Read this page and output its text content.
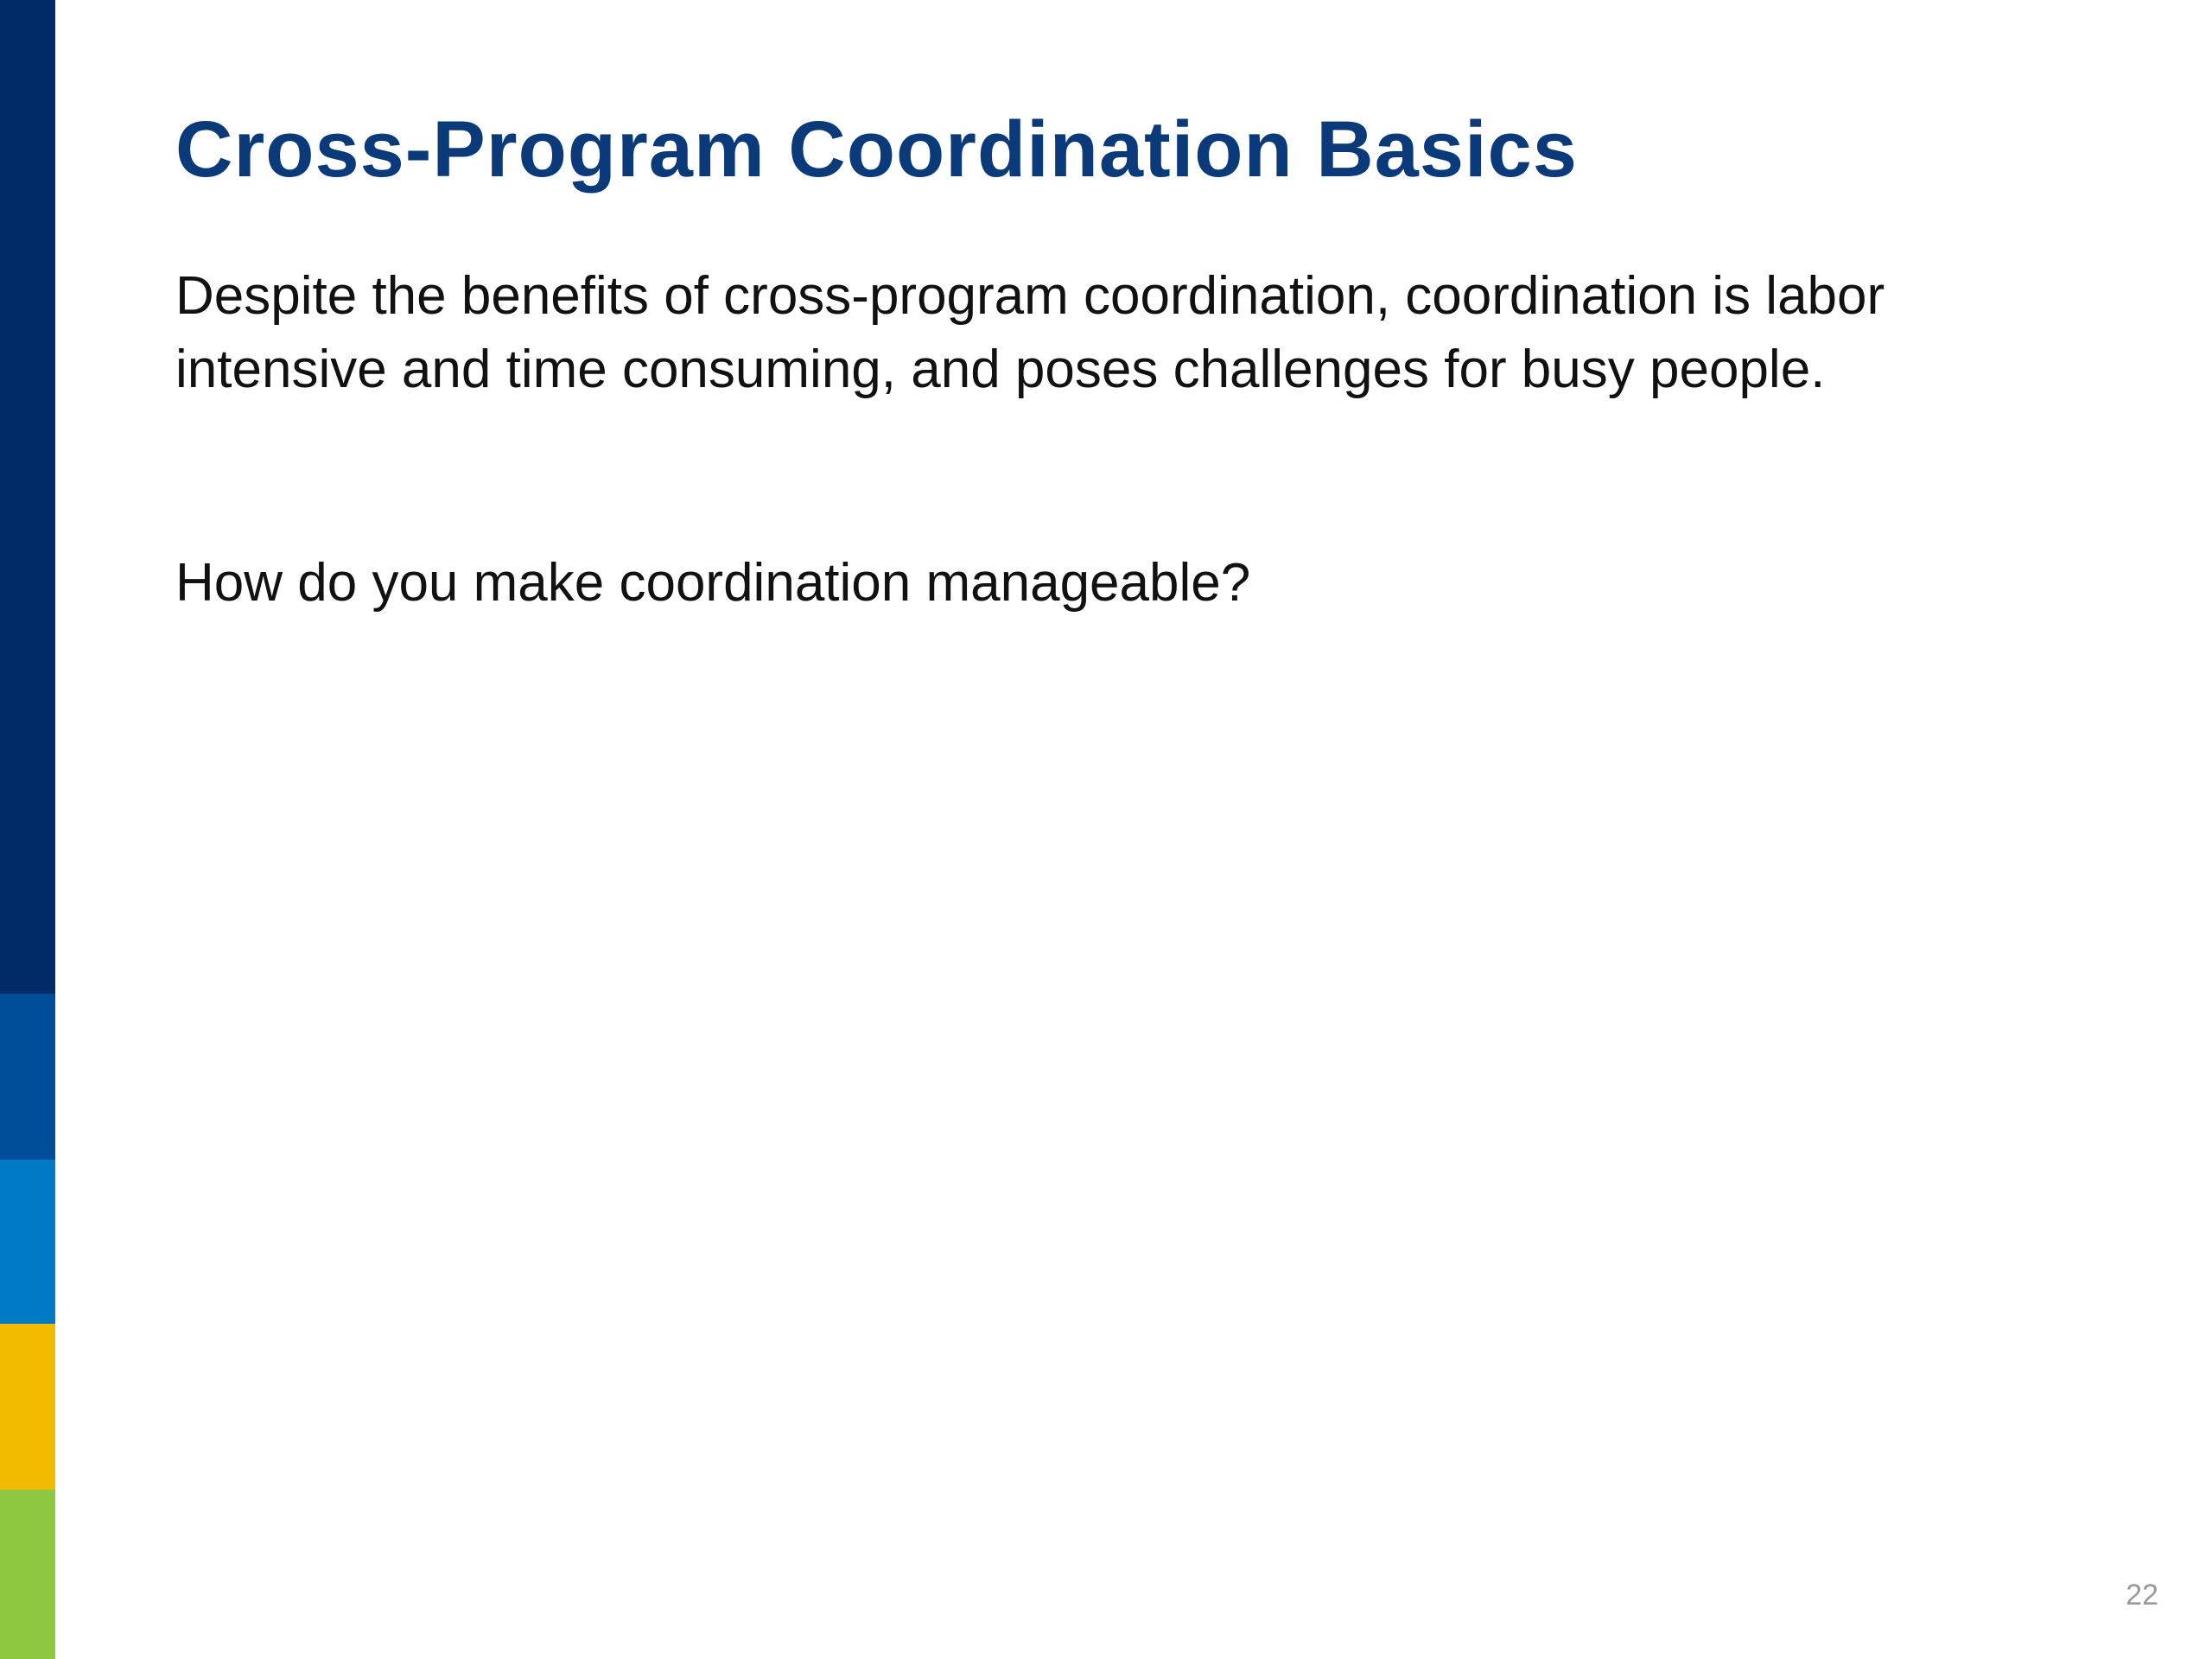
Cross-Program Coordination Basics

Despite the benefits of cross-program coordination, coordination is labor intensive and time consuming, and poses challenges for busy people.

How do you make coordination manageable?

22
